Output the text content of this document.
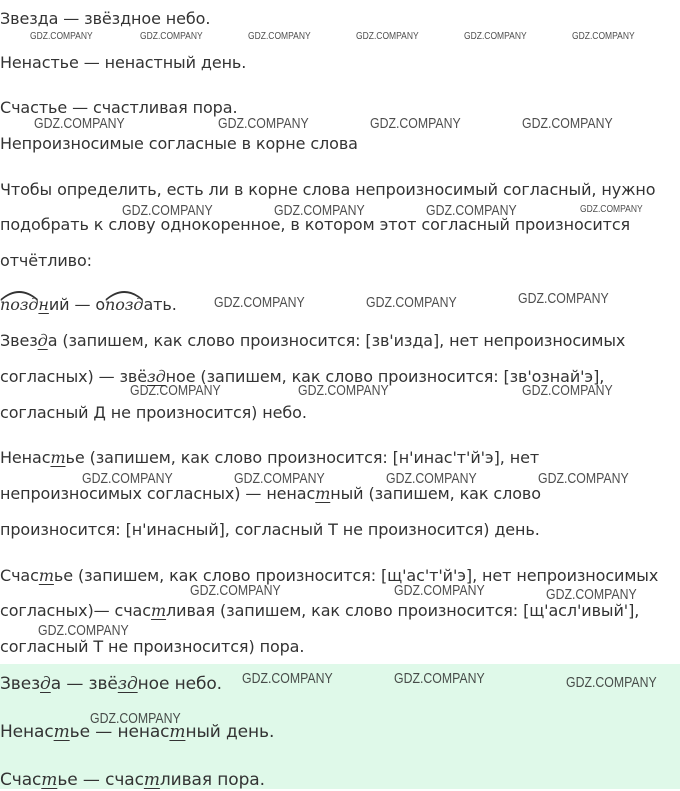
Звезда — звёздное небо.
Ненастье — ненастный день.
Счастье — счастливая пора.
Непроизносимые согласные в корне слова
Чтобы определить, есть ли в корне слова непроизносимый согласный, нужно
подобрать к слову однокоренное, в котором этот согласный произносится
отчётливо:
поздний — о
поздать.
Звезда (запишем, как слово произносится: [зв'изда], нет непроизносимых
согласных) — звёздное (запишем, как слово произносится: [зв'ознай'э],
согласный Д не произносится) небо.
Ненастье (запишем, как слово произносится: [н'инас'т'й'э], нет
непроизносимых согласных) — ненастный (запишем, как слово
произносится: [н'инасный], согласный Т не произносится) день.
Счастье (запишем, как слово произносится: [щ'ас'т'й'э], нет непроизносимых
согласных)— счастливая (запишем, как слово произносится: [щ'асл'ивый'],
согласный Т не произносится) пора.
Звезда — звёздное небо.
Ненастье — ненастный день.
Счастье — счастливая пора.
GDZ.COMPANY	GDZ.COMPANY	GDZ.COMPANY	GDZ.COMPANY	GDZ.COMPANY	GDZ.COMPANY
GDZ.COMPANY	GDZ.COMPANY	GDZ.COMPANY	GDZ.COMPANY
GDZ.COMPANY	GDZ.COMPANY	GDZ.COMPANY	GDZ.COMPANY
GDZ.COMPANY	GDZ.COMPANY	GDZ.COMPANY
GDZ.COMPANY	GDZ.COMPANY	GDZ.COMPANY
GDZ.COMPANY	GDZ.COMPANY	GDZ.COMPANY	GDZ.COMPANY
GDZ.COMPANY	GDZ.COMPANY	GDZ.COMPANY
GDZ.COMPANY
GDZ.COMPANY	GDZ.COMPANY	GDZ.COMPANY
GDZ.COMPANY
